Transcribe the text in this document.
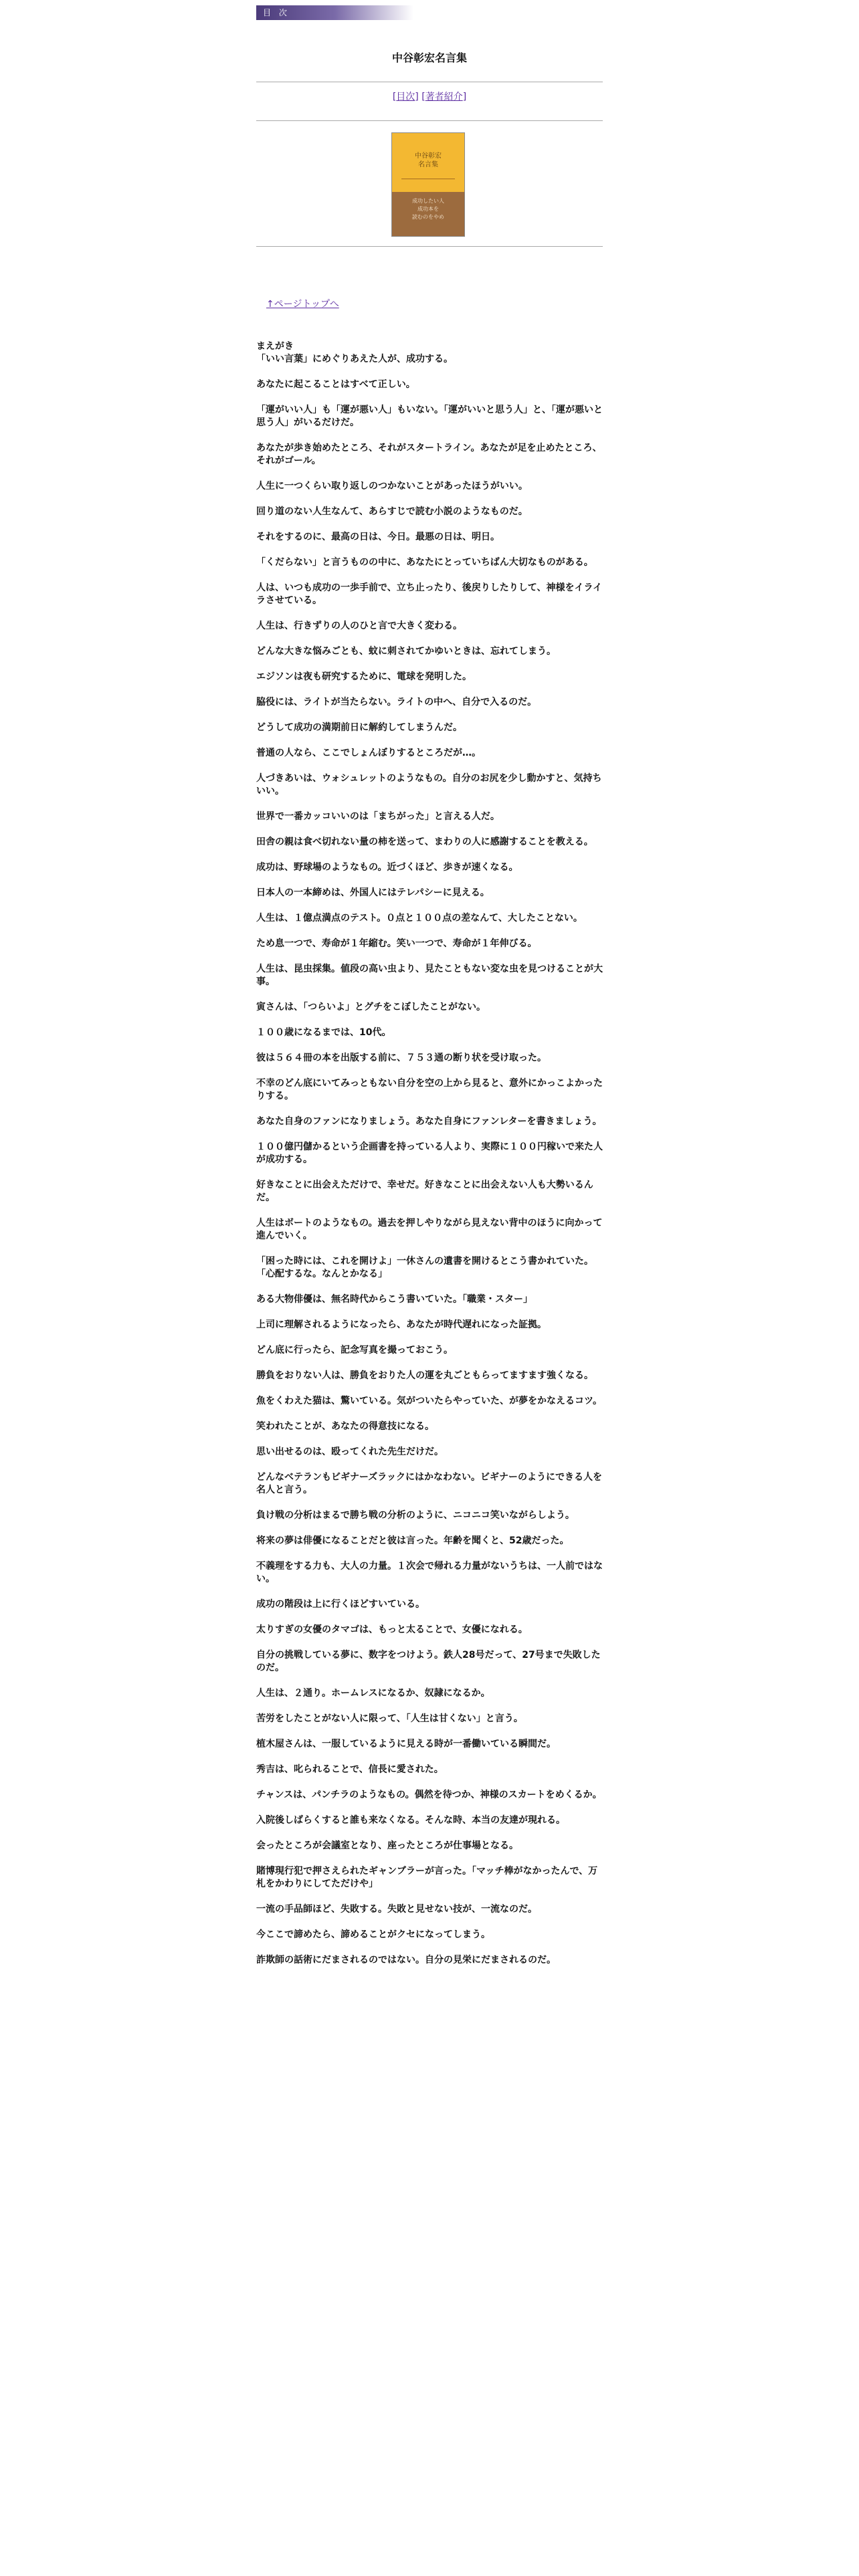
目 次
中谷彰宏名言集
[目次] [著者紹介]
中谷彰宏
名言集
成功したい人
成功本を
読むのをやめ
↑ページトップへ
まえがき

「いい言葉」にめぐりあえた人が、成功する。

あなたに起こることはすべて正しい。

「運がいい人」も「運が悪い人」もいない。「運がいいと思う人」と、「運が悪いと思う人」がいるだけだ。

あなたが歩き始めたところ、それがスタートライン。あなたが足を止めたところ、それがゴール。

人生に一つくらい取り返しのつかないことがあったほうがいい。

回り道のない人生なんて、あらすじで読む小説のようなものだ。

それをするのに、最高の日は、今日。最悪の日は、明日。

「くだらない」と言うものの中に、あなたにとっていちばん大切なものがある。

人は、いつも成功の一歩手前で、立ち止ったり、後戻りしたりして、神様をイライラさせている。

人生は、行きずりの人のひと言で大きく変わる。

どんな大きな悩みごとも、蚊に刺されてかゆいときは、忘れてしまう。

エジソンは夜も研究するために、電球を発明した。

脇役には、ライトが当たらない。ライトの中へ、自分で入るのだ。

どうして成功の満期前日に解約してしまうんだ。

普通の人なら、ここでしょんぼりするところだが…。

人づきあいは、ウォシュレットのようなもの。自分のお尻を少し動かすと、気持ちいい。

世界で一番カッコいいのは「まちがった」と言える人だ。

田舎の親は食べ切れない量の柿を送って、まわりの人に感謝することを教える。

成功は、野球場のようなもの。近づくほど、歩きが速くなる。

日本人の一本締めは、外国人にはテレパシーに見える。

人生は、１億点満点のテスト。０点と１００点の差なんて、大したことない。

ため息一つで、寿命が１年縮む。笑い一つで、寿命が１年伸びる。

人生は、昆虫採集。値段の高い虫より、見たこともない変な虫を見つけることが大事。

寅さんは、「つらいよ」とグチをこぼしたことがない。

１００歳になるまでは、10代。

彼は５６４冊の本を出版する前に、７５３通の断り状を受け取った。

不幸のどん底にいてみっともない自分を空の上から見ると、意外にかっこよかったりする。

あなた自身のファンになりましょう。あなた自身にファンレターを書きましょう。

１００億円儲かるという企画書を持っている人より、実際に１００円稼いで来た人が成功する。

好きなことに出会えただけで、幸せだ。好きなことに出会えない人も大勢いるんだ。

人生はボートのようなもの。過去を押しやりながら見えない背中のほうに向かって進んでいく。

「困った時には、これを開けよ」一休さんの遺書を開けるとこう書かれていた。「心配するな。なんとかなる」

ある大物俳優は、無名時代からこう書いていた。「職業・スター」

上司に理解されるようになったら、あなたが時代遅れになった証拠。

どん底に行ったら、記念写真を撮っておこう。

勝負をおりない人は、勝負をおりた人の運を丸ごともらってますます強くなる。

魚をくわえた猫は、驚いている。気がついたらやっていた、が夢をかなえるコツ。

笑われたことが、あなたの得意技になる。

思い出せるのは、殴ってくれた先生だけだ。

どんなベテランもビギナーズラックにはかなわない。ビギナーのようにできる人を名人と言う。

負け戦の分析はまるで勝ち戦の分析のように、ニコニコ笑いながらしよう。

将来の夢は俳優になることだと彼は言った。年齢を聞くと、52歳だった。

不義理をする力も、大人の力量。１次会で帰れる力量がないうちは、一人前ではない。

成功の階段は上に行くほどすいている。

太りすぎの女優のタマゴは、もっと太ることで、女優になれる。

自分の挑戦している夢に、数字をつけよう。鉄人28号だって、27号まで失敗したのだ。

人生は、２通り。ホームレスになるか、奴隷になるか。

苦労をしたことがない人に限って、「人生は甘くない」と言う。

植木屋さんは、一服しているように見える時が一番働いている瞬間だ。

秀吉は、叱られることで、信長に愛された。

チャンスは、パンチラのようなもの。偶然を待つか、神様のスカートをめくるか。

入院後しばらくすると誰も来なくなる。そんな時、本当の友達が現れる。

会ったところが会議室となり、座ったところが仕事場となる。

賭博現行犯で押さえられたギャンブラーが言った。「マッチ棒がなかったんで、万札をかわりにしてただけや」

一流の手品師ほど、失敗する。失敗と見せない技が、一流なのだ。

今ここで諦めたら、諦めることがクセになってしまう。

詐欺師の話術にだまされるのではない。自分の見栄にだまされるのだ。
